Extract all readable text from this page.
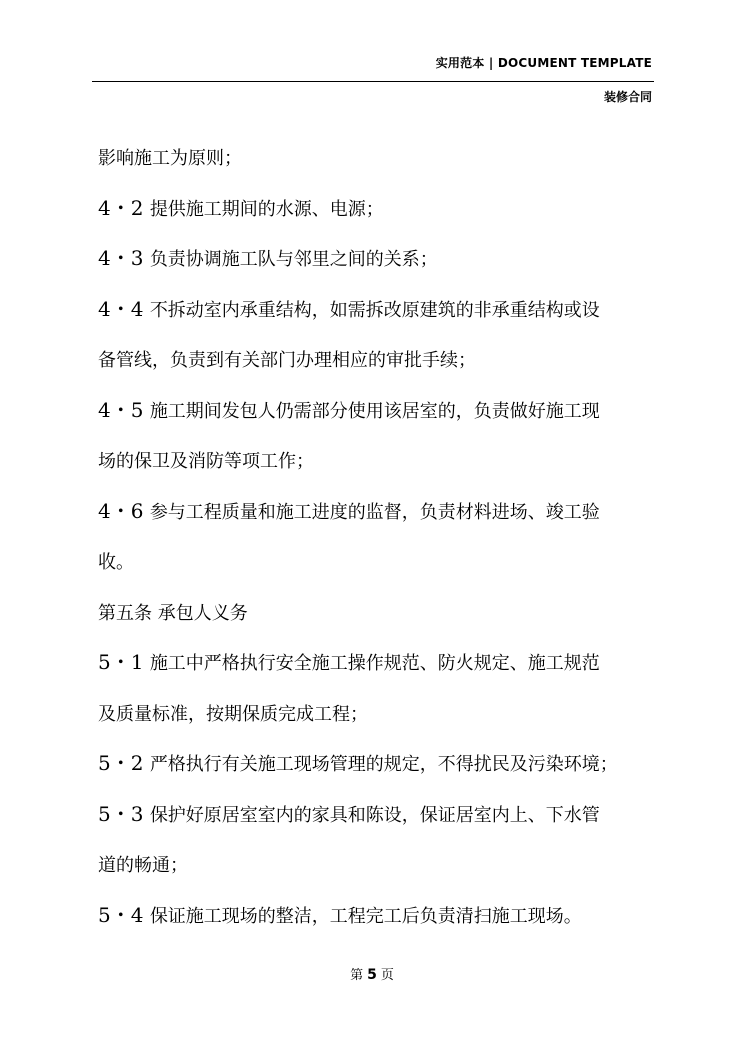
实用范本 | DOCUMENT TEMPLATE
装修合同

影响施工为原则；

4・2 提供施工期间的水源、电源；

4・3 负责协调施工队与邻里之间的关系；

4・4 不拆动室内承重结构，如需拆改原建筑的非承重结构或设

备管线，负责到有关部门办理相应的审批手续；

4・5 施工期间发包人仍需部分使用该居室的，负责做好施工现

场的保卫及消防等项工作；

4・6 参与工程质量和施工进度的监督，负责材料进场、竣工验

收。

第五条 承包人义务

5・1 施工中严格执行安全施工操作规范、防火规定、施工规范

及质量标准，按期保质完成工程；

5・2 严格执行有关施工现场管理的规定，不得扰民及污染环境；

5・3 保护好原居室室内的家具和陈设，保证居室内上、下水管

道的畅通；

5・4 保证施工现场的整洁，工程完工后负责清扫施工现场。

第 5 页
